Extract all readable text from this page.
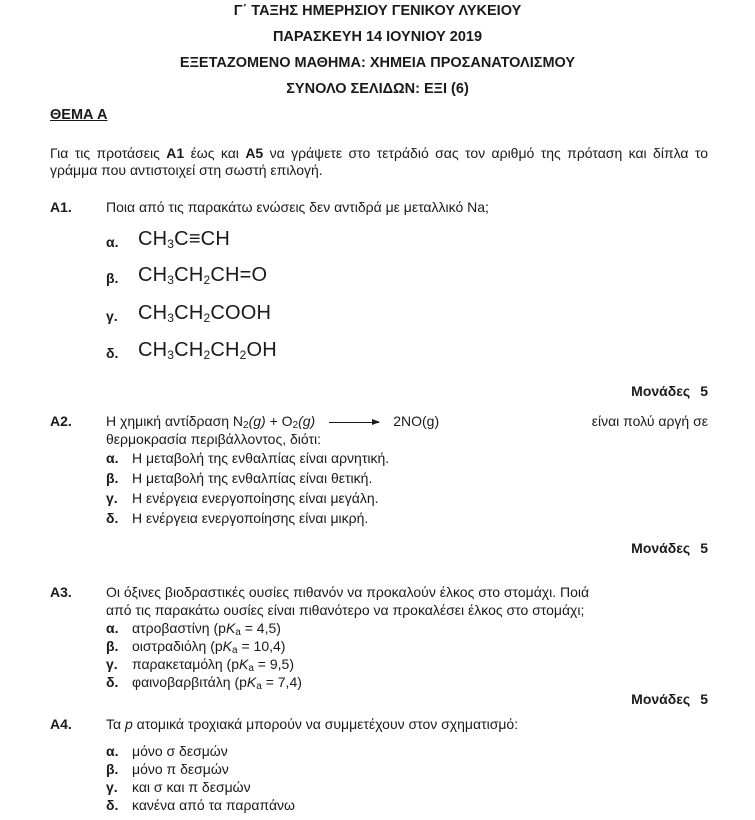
Γ΄ ΤΑΞΗΣ ΗΜΕΡΗΣΙΟΥ ΓΕΝΙΚΟΥ ΛΥΚΕΙΟΥ
ΠΑΡΑΣΚΕΥΗ 14 ΙΟΥΝΙΟΥ 2019
ΕΞΕΤΑΖΟΜΕΝΟ ΜΑΘΗΜΑ: ΧΗΜΕΙΑ ΠΡΟΣΑΝΑΤΟΛΙΣΜΟΥ
ΣΥΝΟΛΟ ΣΕΛΙΔΩΝ: ΕΞΙ (6)
ΘΕΜΑ Α
Για τις προτάσεις Α1 έως και Α5 να γράψετε στο τετράδιό σας τον αριθμό της πρόταση και δίπλα το γράμμα που αντιστοιχεί στη σωστή επιλογή.
Α1. Ποια από τις παρακάτω ενώσεις δεν αντιδρά με μεταλλικό Na;
α. $CH_3C\equiv CH$
β. $CH_3CH_2CH=O$
γ. $CH_3CH_2COOH$
δ. $CH_3CH_2CH_2OH$
Μονάδες 5
Α2. Η χημική αντίδραση $N_2(g) + O_2(g) \to 2NO(g)$	είναι πολύ αργή σε
θερμοκρασία περιβάλλοντος, διότι:
α. Η μεταβολή της ενθαλπίας είναι αρνητική.
β. Η μεταβολή της ενθαλπίας είναι θετική.
γ. Η ενέργεια ενεργοποίησης είναι μεγάλη.
δ. Η ενέργεια ενεργοποίησης είναι μικρή.
Μονάδες 5
Α3. Οι όξινες βιοδραστικές ουσίες πιθανόν να προκαλούν έλκος στο στομάχι. Ποιά
από τις παρακάτω ουσίες είναι πιθανότερο να προκαλέσει έλκος στο στομάχι;
α. ατροβαστίνη $(pK_a = 4,5)$
β. οιστραδιόλη $(pK_a = 10,4)$
γ. παρακεταμόλη $(pK_a = 9,5)$
δ. φαινοβαρβιτάλη $(pK_a = 7,4)$
Μονάδες 5
Α4. Τα p ατομικά τροχιακά μπορούν να συμμετέχουν στον σχηματισμό:
α. μόνο σ δεσμών
β. μόνο π δεσμών
γ. και σ και π δεσμών
δ. κανένα από τα παραπάνω
